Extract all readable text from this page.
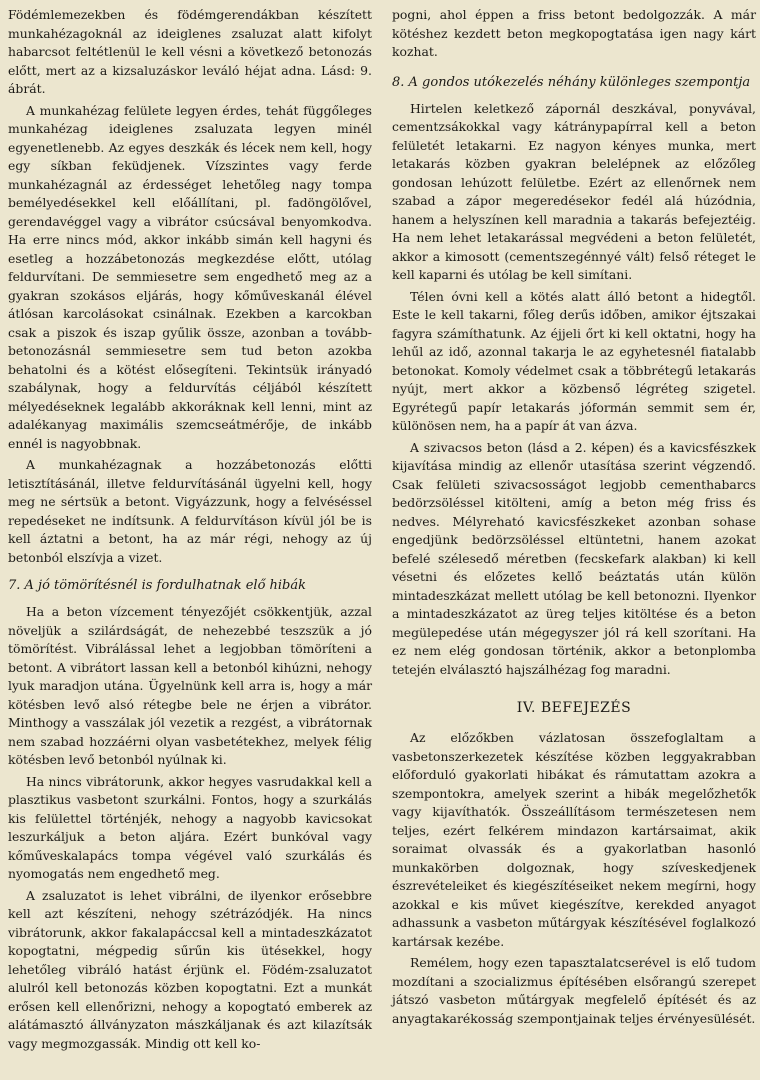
Födémlemezekben és födémgerendákban készített munkahézagoknál az ideiglenes zsaluzat alatt kifolyt habarcsot feltétlenül le kell vésni a következő betonozás előtt, mert az a kizsaluzáskor leváló héjat adna. Lásd: 9. ábrát.

A munkahézag felülete legyen érdes, tehát függőleges munkahézag ideiglenes zsaluzata legyen minél egyenetlenebb. Az egyes deszkák és lécek nem kell, hogy egy síkban feküdjenek. Vízszintes vagy ferde munkahézagnál az érdességet lehetőleg nagy tompa bemélyedésekkel kell előállítani, pl. fadöngölővel, gerendavéggel vagy a vibrátor csúcsával benyomkodva. Ha erre nincs mód, akkor inkább simán kell hagyni és esetleg a hozzábetonozás megkezdése előtt, utólag feldurvítani. De semmiesetre sem engedhető meg az a gyakran szokásos eljárás, hogy kőműveskanál élével átlósan karcolásokat csinálnak. Ezekben a karcokban csak a piszok és iszap gyűlik össze, azonban a tovább-betonozásnál semmiesetre sem tud beton azokba behatolni és a kötést elősegíteni. Tekintsük irányadó szabálynak, hogy a feldurvítás céljából készített mélyedéseknek legalább akkoráknak kell lenni, mint az adalékanyag maximális szemcseátmérője, de inkább ennél is nagyobbnak.

A munkahézagnak a hozzábetonozás előtti letisztításánál, illetve feldurvításánál ügyelni kell, hogy meg ne sértsük a betont. Vigyázzunk, hogy a felvéséssel repedéseket ne indítsunk. A feldurvításon kívül jól be is kell áztatni a betont, ha az már régi, nehogy az új betonból elszívja a vizet.

7. A jó tömörítésnél is fordulhatnak elő hibák

Ha a beton vízcement tényezőjét csökkentjük, azzal növeljük a szilárdságát, de nehezebbé teszszük a jó tömörítést. Vibrálással lehet a legjobban tömöríteni a betont. A vibrátort lassan kell a betonból kihúzni, nehogy lyuk maradjon utána. Ügyelnünk kell arra is, hogy a már kötésben levő alsó rétegbe bele ne érjen a vibrátor. Minthogy a vasszálak jól vezetik a rezgést, a vibrátornak nem szabad hozzáérni olyan vasbetétekhez, melyek félig kötésben levő betonból nyúlnak ki.

Ha nincs vibrátorunk, akkor hegyes vasrudakkal kell a plasztikus vasbetont szurkálni. Fontos, hogy a szurkálás kis felülettel történjék, nehogy a nagyobb kavicsokat leszurkáljuk a beton aljára. Ezért bunkóval vagy kőműveskalapács tompa végével való szurkálás és nyomogatás nem engedhető meg.

A zsaluzatot is lehet vibrálni, de ilyenkor erősebbre kell azt készíteni, nehogy szétrázódjék. Ha nincs vibrátorunk, akkor fakalapáccsal kell a mintadeszkázatot kopogtatni, mégpedig sűrűn kis ütésekkel, hogy lehetőleg vibráló hatást érjünk el. Födém-zsaluzatot alulról kell betonozás közben kopogtatni. Ezt a munkát erősen kell ellenőrizni, nehogy a kopogtató emberek az alátámasztó állványzaton mászkáljanak és azt kilazítsák vagy megmozgassák. Mindig ott kell ko-

pogni, ahol éppen a friss betont bedolgozzák. A már kötéshez kezdett beton megkopogtatása igen nagy kárt kozhat.

8. A gondos utókezelés néhány különleges szempontja

Hirtelen keletkező zápornál deszkával, ponyvával, cementzsákokkal vagy kátránypapírral kell a beton felületét letakarni. Ez nagyon kényes munka, mert letakarás közben gyakran belelépnek az előzőleg gondosan lehúzott felületbe. Ezért az ellenőrnek nem szabad a zápor megeredésekor fedél alá húzódnia, hanem a helyszínen kell maradnia a takarás befejeztéig. Ha nem lehet letakarással megvédeni a beton felületét, akkor a kimosott (cementszegénnyé vált) felső réteget le kell kaparni és utólag be kell simítani.

Télen óvni kell a kötés alatt álló betont a hidegtől. Este le kell takarni, főleg derűs időben, amikor éjtszakai fagyra számíthatunk. Az éjjeli őrt ki kell oktatni, hogy ha lehűl az idő, azonnal takarja le az egyhetesnél fiatalabb betonokat. Komoly védelmet csak a többrétegű letakarás nyújt, mert akkor a közbenső légréteg szigetel. Egyrétegű papír letakarás jóformán semmit sem ér, különösen nem, ha a papír át van ázva.

A szivacsos beton (lásd a 2. képen) és a kavicsfészkek kijavítása mindig az ellenőr utasítása szerint végzendő. Csak felületi szivacsosságot legjobb cementhabarcs bedörzsöléssel kitölteni, amíg a beton még friss és nedves. Mélyreható kavicsfészkeket azonban sohase engedjünk bedörzsöléssel eltüntetni, hanem azokat befelé szélesedő méretben (fecskefark alakban) ki kell vésetni és előzetes kellő beáztatás után külön mintadeszkázat mellett utólag be kell betonozni. Ilyenkor a mintadeszkázatot az üreg teljes kitöltése és a beton megülepedése után mégegyszer jól rá kell szorítani. Ha ez nem elég gondosan történik, akkor a betonplomba tetején elválasztó hajszálhézag fog maradni.

IV. BEFEJEZÉS

Az előzőkben vázlatosan összefoglaltam a vasbetonszerkezetek készítése közben leggyakrabban előforduló gyakorlati hibákat és rámutattam azokra a szempontokra, amelyek szerint a hibák megelőzhetők vagy kijavíthatók. Összeállításom természetesen nem teljes, ezért felkérem mindazon kartársaimat, akik soraimat olvassák és a gyakorlatban hasonló munkakörben dolgoznak, hogy szíveskedjenek észrevételeiket és kiegészítéseiket nekem megírni, hogy azokkal e kis művet kiegészítve, kerekded anyagot adhassunk a vasbeton műtárgyak készítésével foglalkozó kartársak kezébe.

Remélem, hogy ezen tapasztalatcserével is elő tudom mozdítani a szocializmus építésében elsőrangú szerepet játszó vasbeton műtárgyak megfelelő építését és az anyagtakarékosság szempontjainak teljes érvényesülését.
